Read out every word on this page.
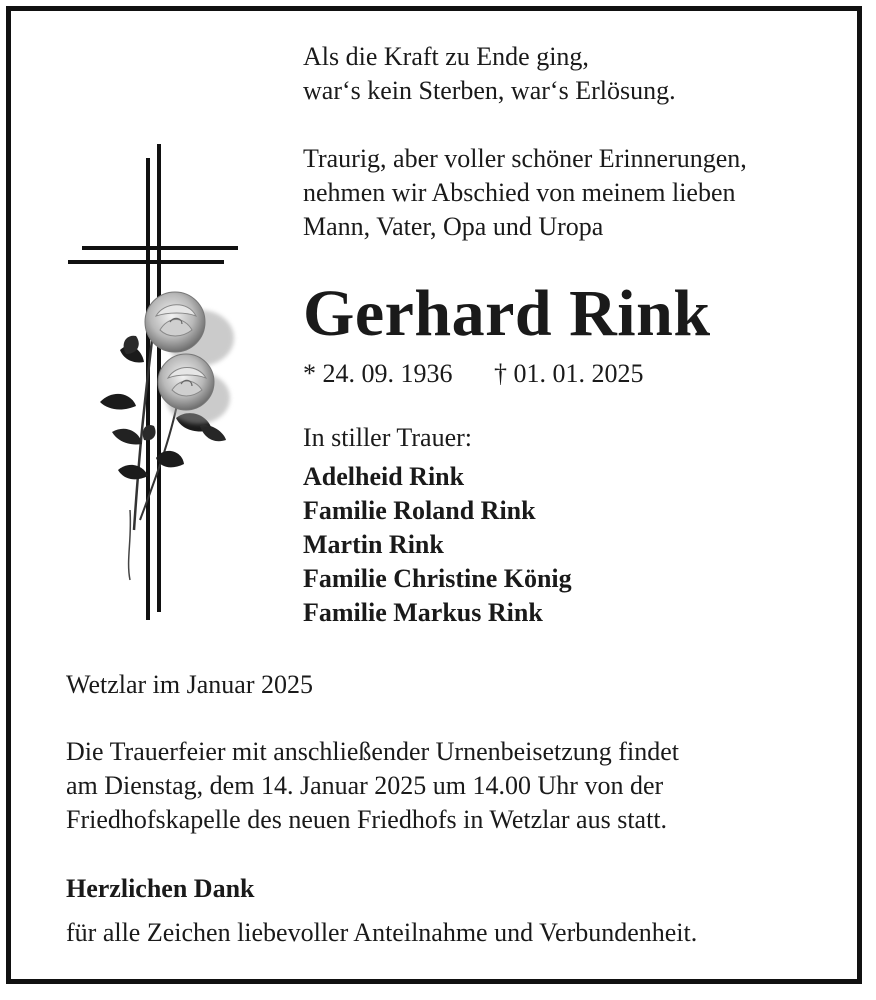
Als die Kraft zu Ende ging,
war‘s kein Sterben, war‘s Erlösung.
Traurig, aber voller schöner Erinnerungen,
nehmen wir Abschied von meinem lieben
Mann, Vater, Opa und Uropa
Gerhard Rink
* 24. 09. 1936 † 01. 01. 2025
In stiller Trauer:
Adelheid Rink
Familie Roland Rink
Martin Rink
Familie Christine König
Familie Markus Rink
Wetzlar im Januar 2025
Die Trauerfeier mit anschließender Urnenbeisetzung findet
am Dienstag, dem 14. Januar 2025 um 14.00 Uhr von der
Friedhofskapelle des neuen Friedhofs in Wetzlar aus statt.
Herzlichen Dank
für alle Zeichen liebevoller Anteilnahme und Verbundenheit.
